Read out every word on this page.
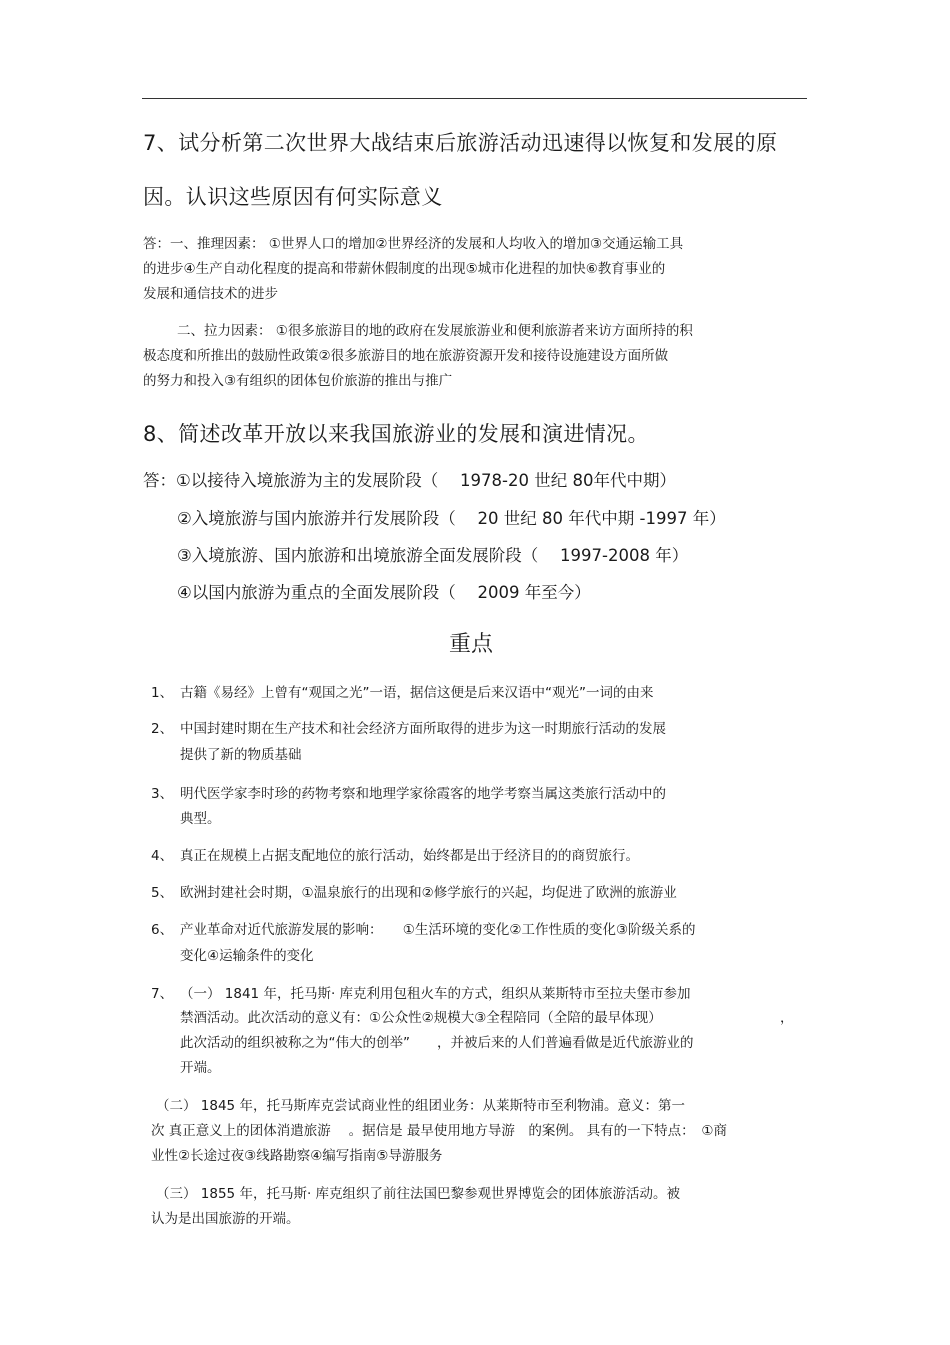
7、试分析第二次世界大战结束后旅游活动迅速得以恢复和发展的原
因。认识这些原因有何实际意义
答：一、推理因素： ①世界人口的增加②世界经济的发展和人均收入的增加③交通运输工具
的进步④生产自动化程度的提高和带薪休假制度的出现⑤城市化进程的加快⑥教育事业的
发展和通信技术的进步
二、拉力因素： ①很多旅游目的地的政府在发展旅游业和便利旅游者来访方面所持的积
极态度和所推出的鼓励性政策②很多旅游目的地在旅游资源开发和接待设施建设方面所做
的努力和投入③有组织的团体包价旅游的推出与推广
8、简述改革开放以来我国旅游业的发展和演进情况。
答：①以接待入境旅游为主的发展阶段（　 1978-20 世纪 80年代中期）
②入境旅游与国内旅游并行发展阶段（　 20 世纪 80 年代中期 -1997 年）
③入境旅游、国内旅游和出境旅游全面发展阶段（　 1997-2008 年）
④以国内旅游为重点的全面发展阶段（　 2009 年至今）
重点
1、 古籍《易经》上曾有“观国之光”一语，据信这便是后来汉语中“观光”一词的由来
2、 中国封建时期在生产技术和社会经济方面所取得的进步为这一时期旅行活动的发展
提供了新的物质基础
3、 明代医学家李时珍的药物考察和地理学家徐霞客的地学考察当属这类旅行活动中的
典型。
4、 真正在规模上占据支配地位的旅行活动，始终都是出于经济目的的商贸旅行。
5、 欧洲封建社会时期，①温泉旅行的出现和②修学旅行的兴起，均促进了欧洲的旅游业
6、 产业革命对近代旅游发展的影响：　　①生活环境的变化②工作性质的变化③阶级关系的
变化④运输条件的变化
7、 （一） 1841 年，托马斯· 库克利用包租火车的方式，组织从莱斯特市至拉夫堡市参加
禁酒活动。此次活动的意义有：①公众性②规模大③全程陪同（全陪的最早体现）	，
此次活动的组织被称之为“伟大的创举”　　，并被后来的人们普遍看做是近代旅游业的
开端。
（二） 1845 年，托马斯库克尝试商业性的组团业务：从莱斯特市至利物浦。意义：第一
次 真正意义上的团体消遣旅游　 。据信是 最早使用地方导游　的案例。 具有的一下特点：　①商
业性②长途过夜③线路勘察④编写指南⑤导游服务
（三） 1855 年，托马斯· 库克组织了前往法国巴黎参观世界博览会的团体旅游活动。被
认为是出国旅游的开端。
